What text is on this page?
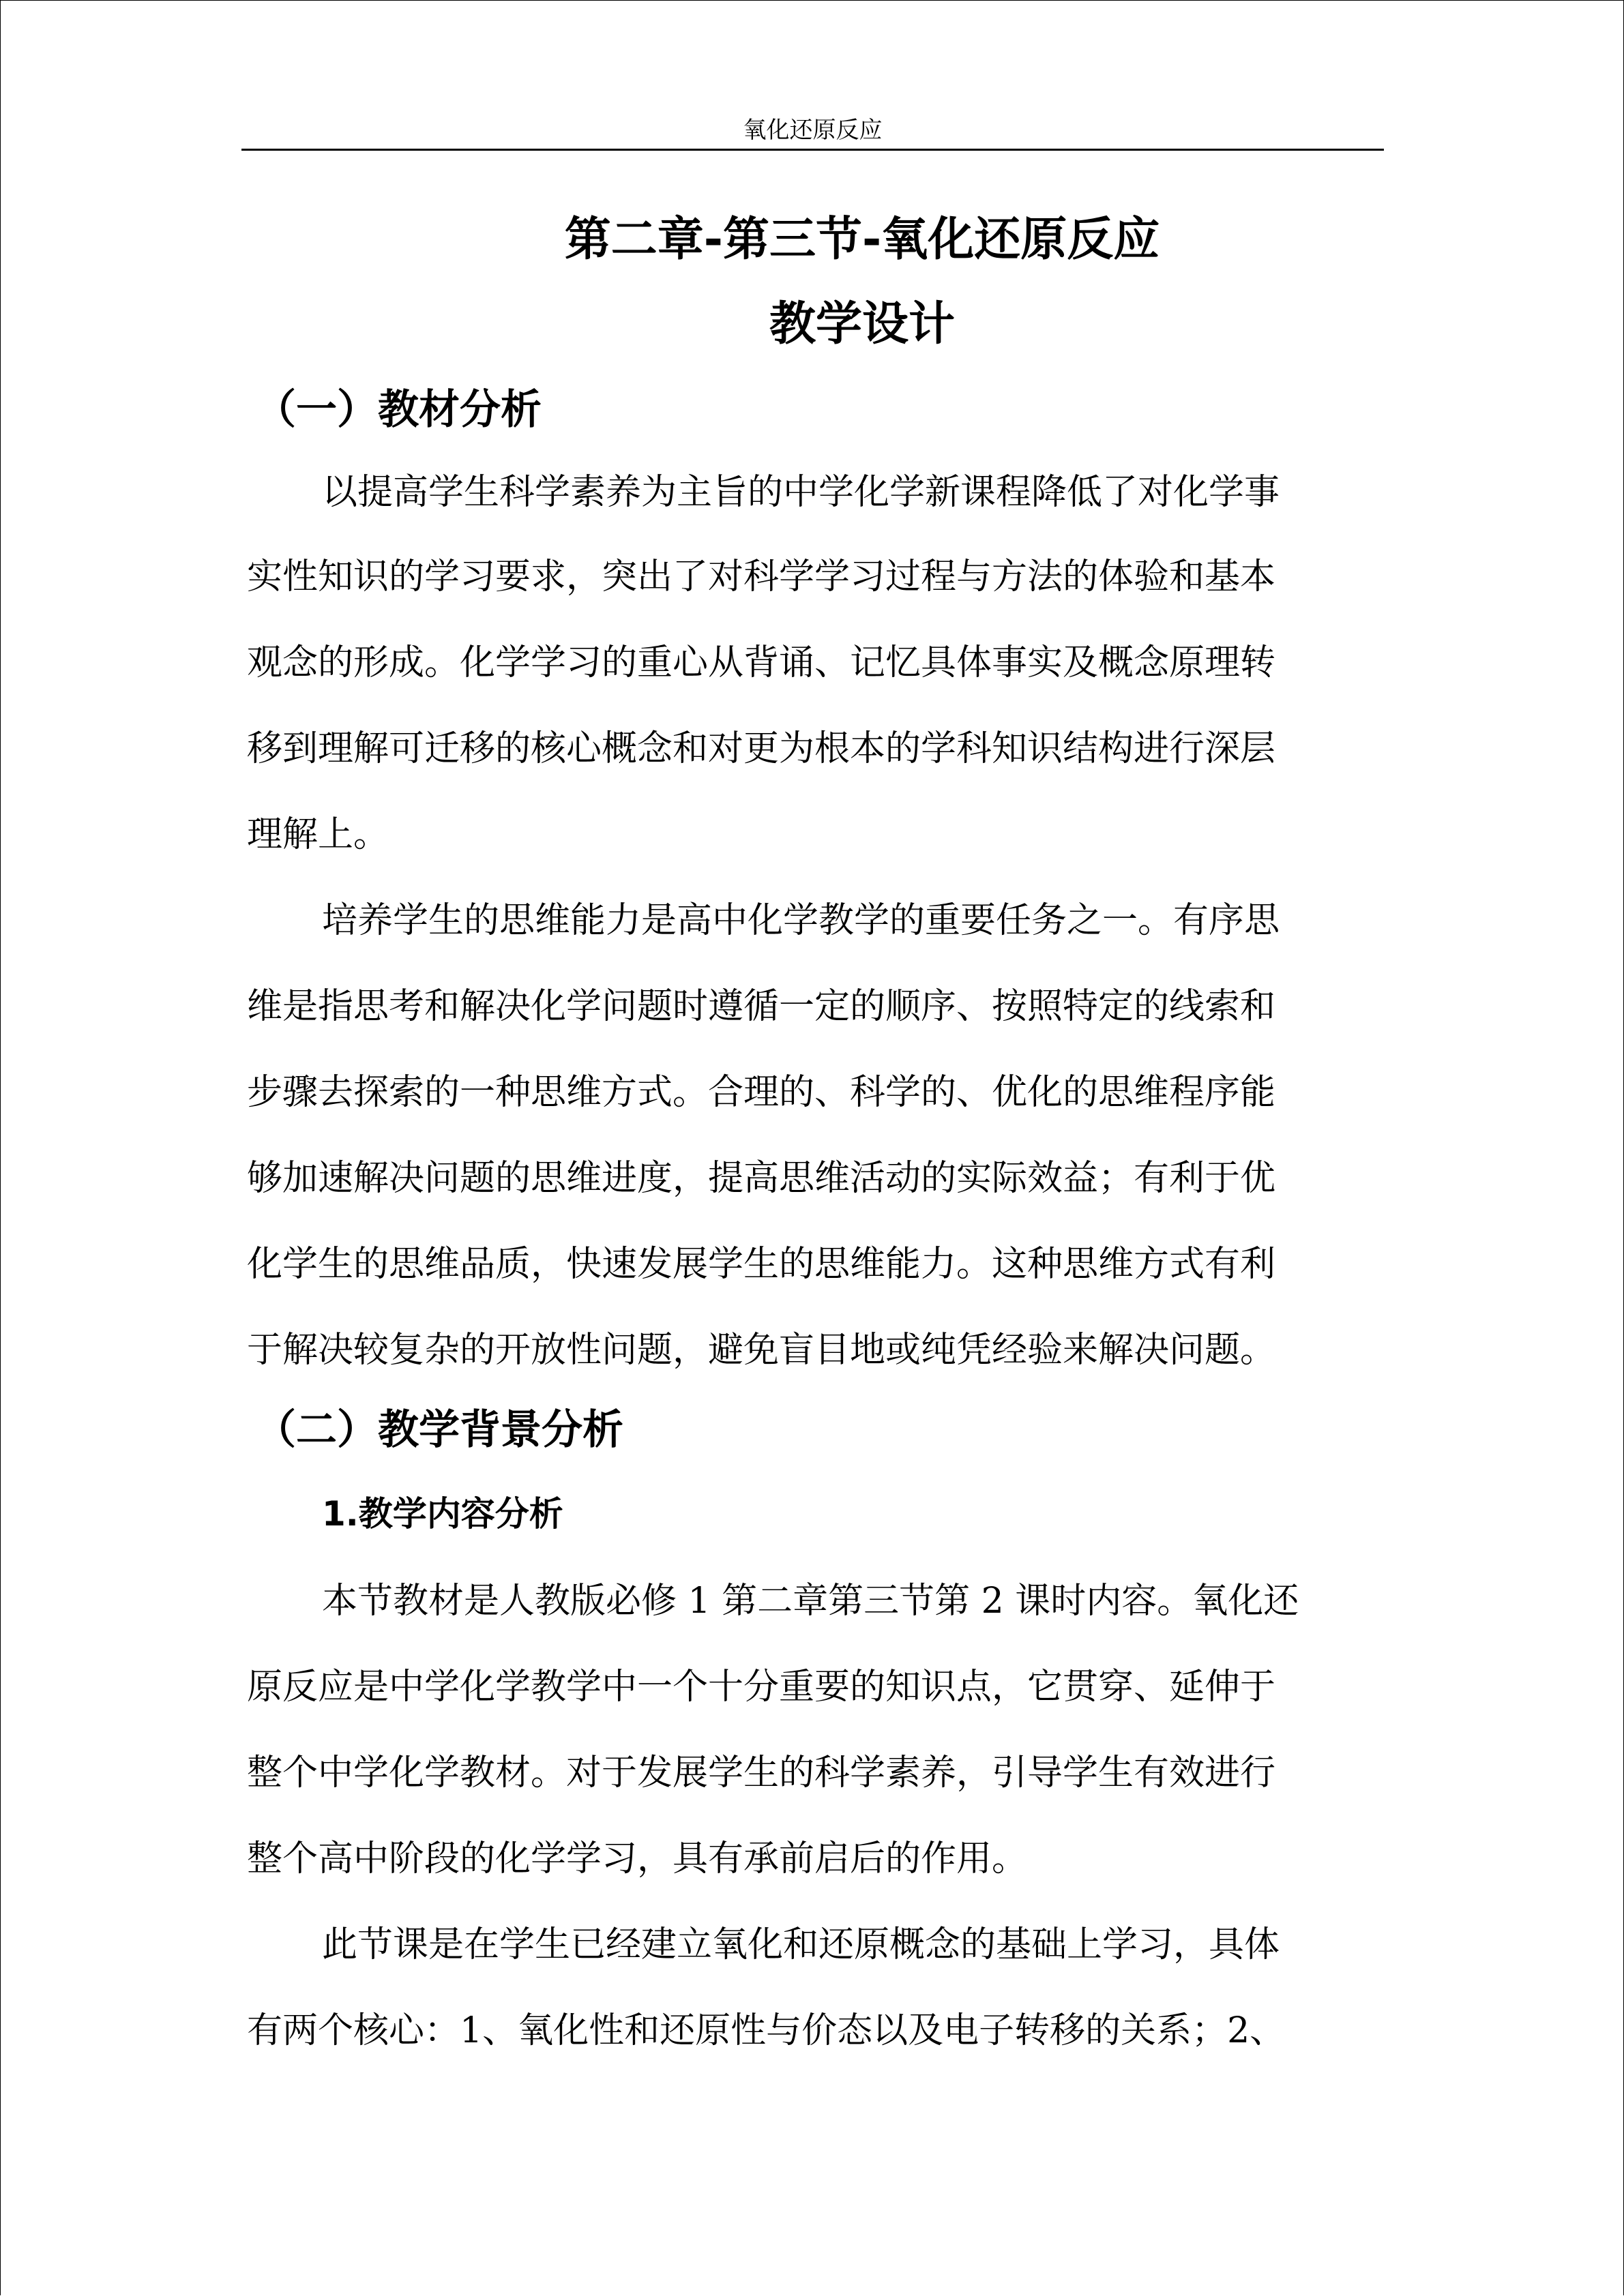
氧化还原反应
第二章-第三节-氧化还原反应
教学设计
（一）教材分析
以提高学生科学素养为主旨的中学化学新课程降低了对化学事
实性知识的学习要求，突出了对科学学习过程与方法的体验和基本
观念的形成。化学学习的重心从背诵、记忆具体事实及概念原理转
移到理解可迁移的核心概念和对更为根本的学科知识结构进行深层
理解上。
培养学生的思维能力是高中化学教学的重要任务之一。有序思
维是指思考和解决化学问题时遵循一定的顺序、按照特定的线索和
步骤去探索的一种思维方式。合理的、科学的、优化的思维程序能
够加速解决问题的思维进度，提高思维活动的实际效益；有利于优
化学生的思维品质，快速发展学生的思维能力。这种思维方式有利
于解决较复杂的开放性问题，避免盲目地或纯凭经验来解决问题。
（二）教学背景分析
1.教学内容分析
本节教材是人教版必修 1 第二章第三节第 2 课时内容。氧化还
原反应是中学化学教学中一个十分重要的知识点，它贯穿、延伸于
整个中学化学教材。对于发展学生的科学素养，引导学生有效进行
整个高中阶段的化学学习，具有承前启后的作用。
此节课是在学生已经建立氧化和还原概念的基础上学习，具体
有两个核心：1、氧化性和还原性与价态以及电子转移的关系；2、
